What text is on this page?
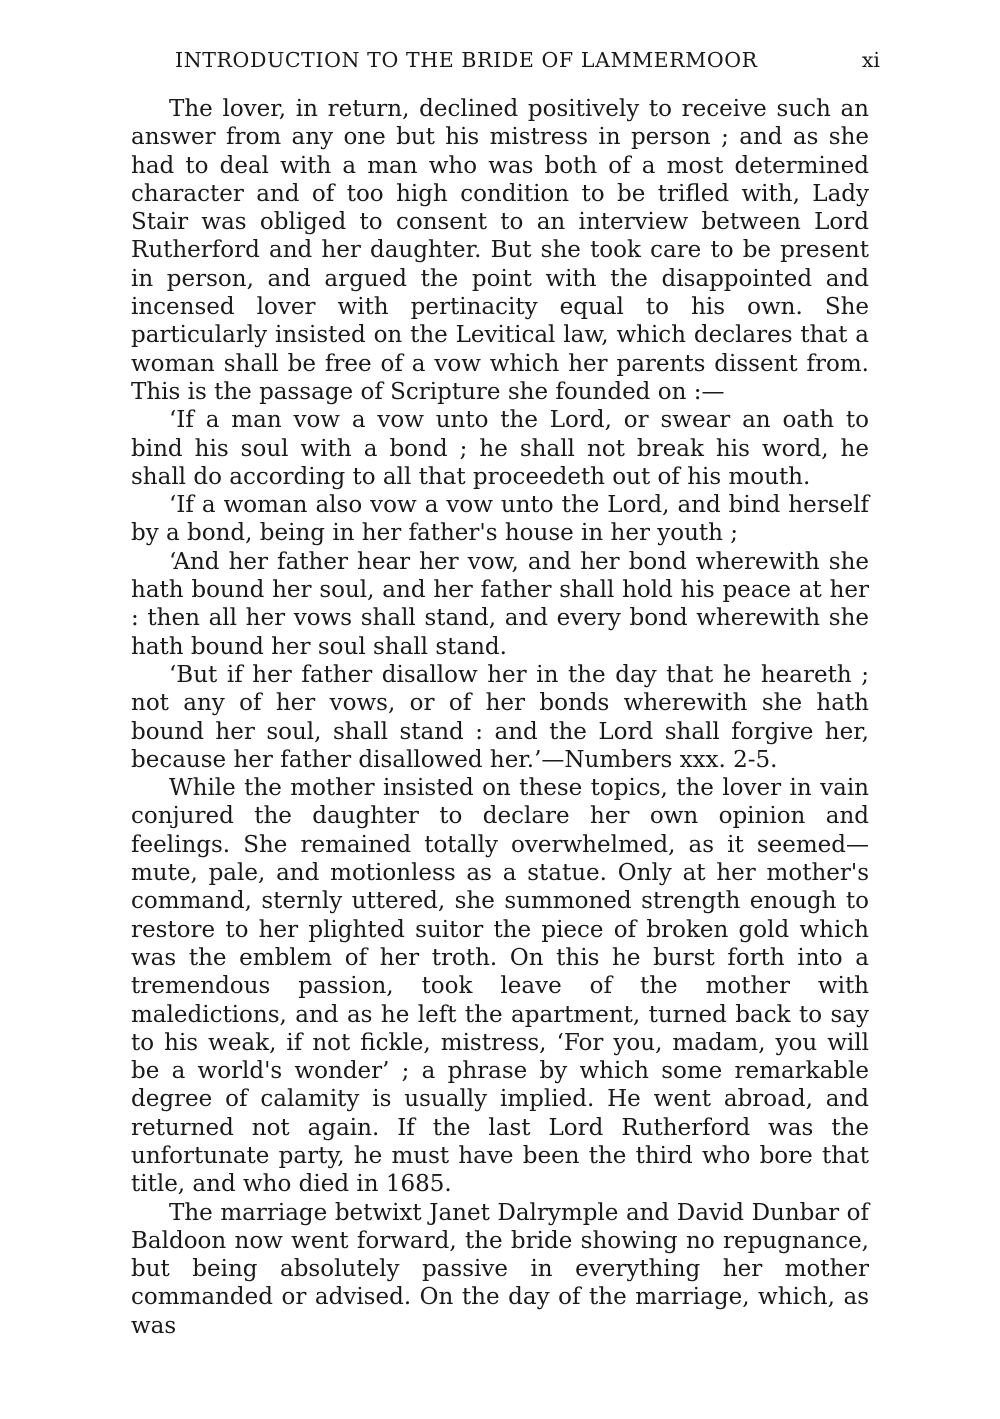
INTRODUCTION TO THE BRIDE OF LAMMERMOOR	xi

The lover, in return, declined positively to receive such an answer from any one but his mistress in person ; and as she had to deal with a man who was both of a most determined character and of too high condition to be trifled with, Lady Stair was obliged to consent to an interview between Lord Rutherford and her daughter. But she took care to be present in person, and argued the point with the disappointed and incensed lover with pertinacity equal to his own. She particularly insisted on the Levitical law, which declares that a woman shall be free of a vow which her parents dissent from. This is the passage of Scripture she founded on :—

‘If a man vow a vow unto the Lord, or swear an oath to bind his soul with a bond ; he shall not break his word, he shall do according to all that proceedeth out of his mouth.

‘If a woman also vow a vow unto the Lord, and bind herself by a bond, being in her father's house in her youth ;

‘And her father hear her vow, and her bond wherewith she hath bound her soul, and her father shall hold his peace at her : then all her vows shall stand, and every bond wherewith she hath bound her soul shall stand.

‘But if her father disallow her in the day that he heareth ; not any of her vows, or of her bonds wherewith she hath bound her soul, shall stand : and the Lord shall forgive her, because her father disallowed her.’—Numbers xxx. 2-5.

While the mother insisted on these topics, the lover in vain conjured the daughter to declare her own opinion and feelings. She remained totally overwhelmed, as it seemed—mute, pale, and motionless as a statue. Only at her mother's command, sternly uttered, she summoned strength enough to restore to her plighted suitor the piece of broken gold which was the emblem of her troth. On this he burst forth into a tremendous passion, took leave of the mother with maledictions, and as he left the apartment, turned back to say to his weak, if not fickle, mistress, ‘For you, madam, you will be a world's wonder’ ; a phrase by which some remarkable degree of calamity is usually implied. He went abroad, and returned not again. If the last Lord Rutherford was the unfortunate party, he must have been the third who bore that title, and who died in 1685.

The marriage betwixt Janet Dalrymple and David Dunbar of Baldoon now went forward, the bride showing no repugnance, but being absolutely passive in everything her mother commanded or advised. On the day of the marriage, which, as was
